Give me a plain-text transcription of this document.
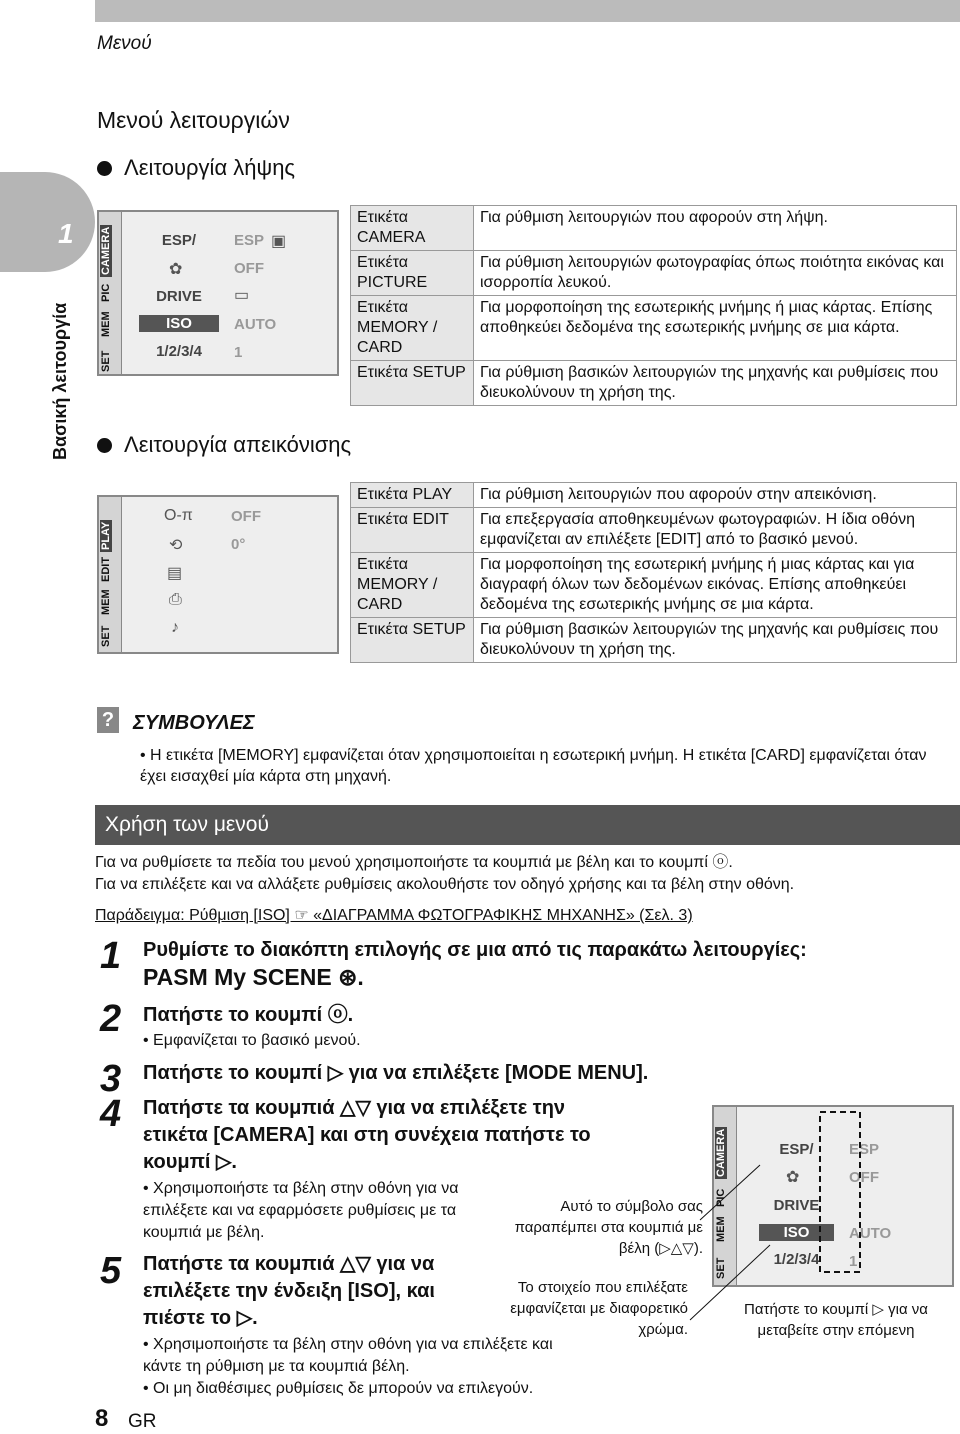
Μενού
1
Βασική λειτουργία
Μενού λειτουργιών
Λειτουργία λήψης
SET
MEM
PIC
CAMERA	ESP/	▣
✿
DRIVE
ISO
1/2/3/4
ESP
OFF
▭
AUTO
1
Ετικέτα CAMERA	Για ρύθμιση λειτουργιών που αφορούν στη λήψη.
Ετικέτα PICTURE	Για ρύθμιση λειτουργιών φωτογραφίας όπως ποιότητα εικόνας και ισορροπία λευκού.
Ετικέτα MEMORY / CARD	Για μορφοποίηση της εσωτερικής μνήμης ή μιας κάρτας. Επίσης αποθηκεύει δεδομένα της εσωτερικής μνήμης σε μια κάρτα.
Ετικέτα SETUP	Για ρύθμιση βασικών λειτουργιών της μηχανής και ρυθμίσεις που διευκολύνουν τη χρήση της.
Λειτουργία απεικόνισης
SET
MEM
EDIT
PLAY
O‑π
⟲
▤
⎙
♪
OFF
0°
Ετικέτα PLAY	Για ρύθμιση λειτουργιών που αφορούν στην απεικόνιση.
Ετικέτα EDIT	Για επεξεργασία αποθηκευμένων φωτογραφιών. Η ίδια οθόνη εμφανίζεται αν επιλέξετε [EDIT] από το βασικό μενού.
Ετικέτα MEMORY / CARD	Για μορφοποίηση της εσωτερική μνήμης ή μιας κάρτας και για διαγραφή όλων των δεδομένων εικόνας. Επίσης αποθηκεύει δεδομένα της εσωτερικής μνήμης σε μια κάρτα.
Ετικέτα SETUP	Για ρύθμιση βασικών λειτουργιών της μηχανής και ρυθμίσεις που διευκολύνουν τη χρήση της.
? ΣΥΜΒΟΥΛΕΣ
• Η ετικέτα [MEMORY] εμφανίζεται όταν χρησιμοποιείται η εσωτερική μνήμη. Η ετικέτα [CARD] εμφανίζεται όταν έχει εισαχθεί μία κάρτα στη μηχανή.
Χρήση των μενού
Για να ρυθμίσετε τα πεδία του μενού χρησιμοποιήστε τα κουμπιά με βέλη και το κουμπί ⓞ.
Για να επιλέξετε και να αλλάξετε ρυθμίσεις ακολουθήστε τον οδηγό χρήσης και τα βέλη στην οθόνη.
Παράδειγμα: Ρύθμιση [ISO] ☞ «ΔΙΑΓΡΑΜΜΑ ΦΩΤΟΓΡΑΦΙΚΗΣ ΜΗΧΑΝΗΣ» (Σελ. 3)
1 Ρυθμίστε το διακόπτη επιλογής σε μια από τις παρακάτω λειτουργίες:
PASM My SCENE ⊛.
2 Πατήστε το κουμπί ⓞ.
• Εμφανίζεται το βασικό μενού.
3 Πατήστε το κουμπί ▷ για να επιλέξετε [MODE MENU].
4 Πατήστε τα κουμπιά △▽ για να επιλέξετε την ετικέτα [CAMERA] και στη συνέχεια πατήστε το κουμπί ▷.
• Χρησιμοποιήστε τα βέλη στην οθόνη για να επιλέξετε και να εφαρμόσετε ρυθμίσεις με τα κουμπιά με βέλη.
5 Πατήστε τα κουμπιά △▽ για να επιλέξετε την ένδειξη [ISO], και πιέστε το ▷.
• Χρησιμοποιήστε τα βέλη στην οθόνη για να επιλέξετε και κάντε τη ρύθμιση με τα κουμπιά βέλη.
• Οι μη διαθέσιμες ρυθμίσεις δε μπορούν να επιλεγούν.
Αυτό το σύμβολο σας παραπέμπει στα κουμπιά με βέλη (▷△▽).
Το στοιχείο που επιλέξατε εμφανίζεται με διαφορετικό χρώμα.
Πατήστε το κουμπί ▷ για να μεταβείτε στην επόμενη
SET
MEM
PIC
CAMERA	ESP/
✿
DRIVE
ISO
1/2/3/4
ESP
OFF
AUTO
1
8 GR
